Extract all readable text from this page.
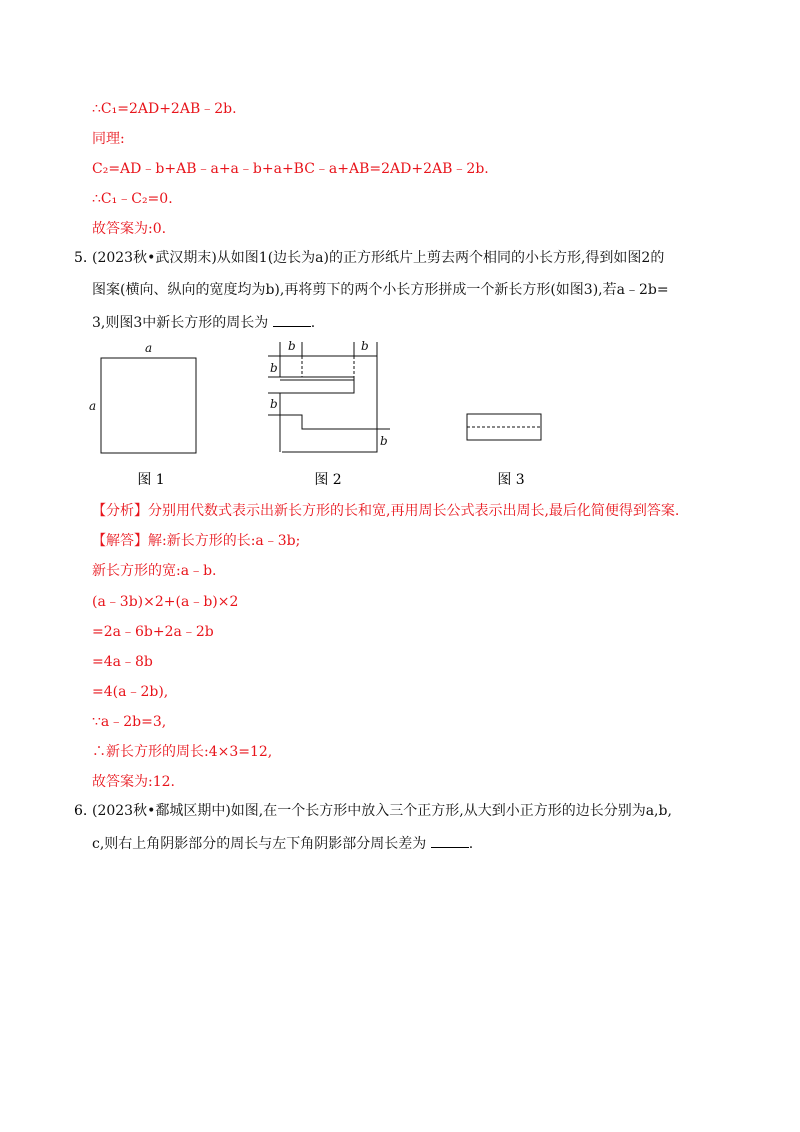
∴C₁=2AD+2AB﹣2b.
同理:
C₂=AD﹣b+AB﹣a+a﹣b+a+BC﹣a+AB=2AD+2AB﹣2b.
∴C₁﹣C₂=0.
故答案为:0.
5. (2023秋•武汉期末)从如图1(边长为a)的正方形纸片上剪去两个相同的小长方形,得到如图2的
图案(横向、纵向的宽度均为b),再将剪下的两个小长方形拼成一个新长方形(如图3),若a﹣2b=
3,则图3中新长方形的周长为	.
a
a
b	b
b
b
b
图 1	图 2	图 3
【分析】分别用代数式表示出新长方形的长和宽,再用周长公式表示出周长,最后化简便得到答案.
【解答】解:新长方形的长:a﹣3b;
新长方形的宽:a﹣b.
(a﹣3b)×2+(a﹣b)×2
=2a﹣6b+2a﹣2b
=4a﹣8b
=4(a﹣2b),
∵a﹣2b=3,
∴新长方形的周长:4×3=12,
故答案为:12.
6. (2023秋•鄱城区期中)如图,在一个长方形中放入三个正方形,从大到小正方形的边长分别为a,b,
c,则右上角阴影部分的周长与左下角阴影部分周长差为	.
